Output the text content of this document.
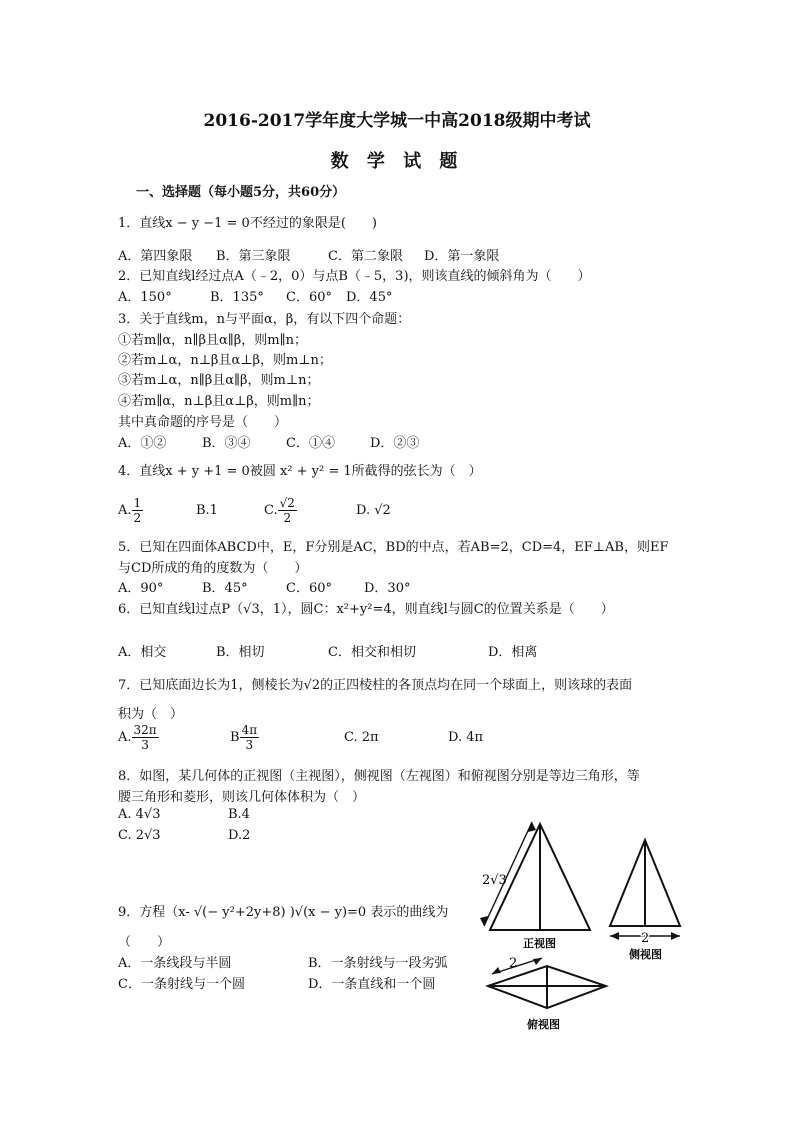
2016-2017学年度大学城一中高2018级期中考试
数 学 试 题
一、选择题（每小题5分，共60分）
1．直线x − y −1 = 0不经过的象限是(　　)
A．第四象限 B．第三象限	C．第二象限 D．第一象限
2．已知直线l经过点A（﹣2，0）与点B（﹣5，3)，则该直线的倾斜角为（　　）
A．150°	B．135° C．60° D．45°
3．关于直线m，n与平面α，β，有以下四个命题：
①若m∥α，n∥β且α∥β，则m∥n；
②若m⊥α，n⊥β且α⊥β，则m⊥n；
③若m⊥α，n∥β且α∥β，则m⊥n；
④若m∥α，n⊥β且α⊥β，则m∥n；
其中真命题的序号是（　　）
A．①②	B．③④	C．①④	D．②③
4．直线x + y +1 = 0被圆 x² + y² = 1所截得的弦长为（　）
A. $\frac{1}{2}$	B.1	C. $\frac{√2}{2}$	D. √2
5．已知在四面体ABCD中，E，F分别是AC，BD的中点，若AB=2，CD=4，EF⊥AB，则EF
与CD所成的角的度数为（　　）
A．90°	B．45°	C．60° D．30°
6．已知直线l过点P（√3，1），圆C：x²+y²=4，则直线l与圆C的位置关系是（　　）
A．相交	B．相切	C．相交和相切	D．相离
7．已知底面边长为1，侧棱长为√2的正四棱柱的各顶点均在同一个球面上，则该球的表面
积为（　）
A. $\frac{32\pi}{3}$	B $\frac{4\pi}{3}$	C. 2π	D. 4π
8．如图，某几何体的正视图（主视图），侧视图（左视图）和俯视图分别是等边三角形，等
腰三角形和菱形，则该几何体体积为（　）
A. 4√3	B.4
C. 2√3	D.2
9．方程（x- √(− y²+2y+8) )√(x − y)=0 表示的曲线为
（　　）
A．一条线段与半圆	B．一条射线与一段劣弧
C．一条射线与一个圆	D．一条直线和一个圆
2√3
正视图	2
侧视图
2
俯视图
